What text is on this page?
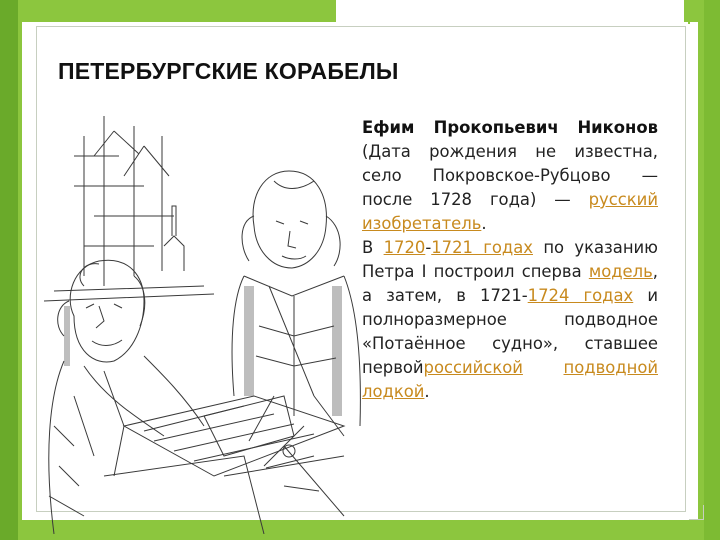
ПЕТЕРБУРГСКИЕ КОРАБЕЛЫ
Ефим Прокопьевич Никонов (Дата рождения не известна, село Покровское-Рубцово — после 1728 года) — русский изобретатель.
В 1720-1721 годах по указанию Петра I построил сперва модель, а затем, в 1721-1724 годах и полноразмерное подводное «Потаённое судно», ставшее первойроссийской подводной лодкой.
